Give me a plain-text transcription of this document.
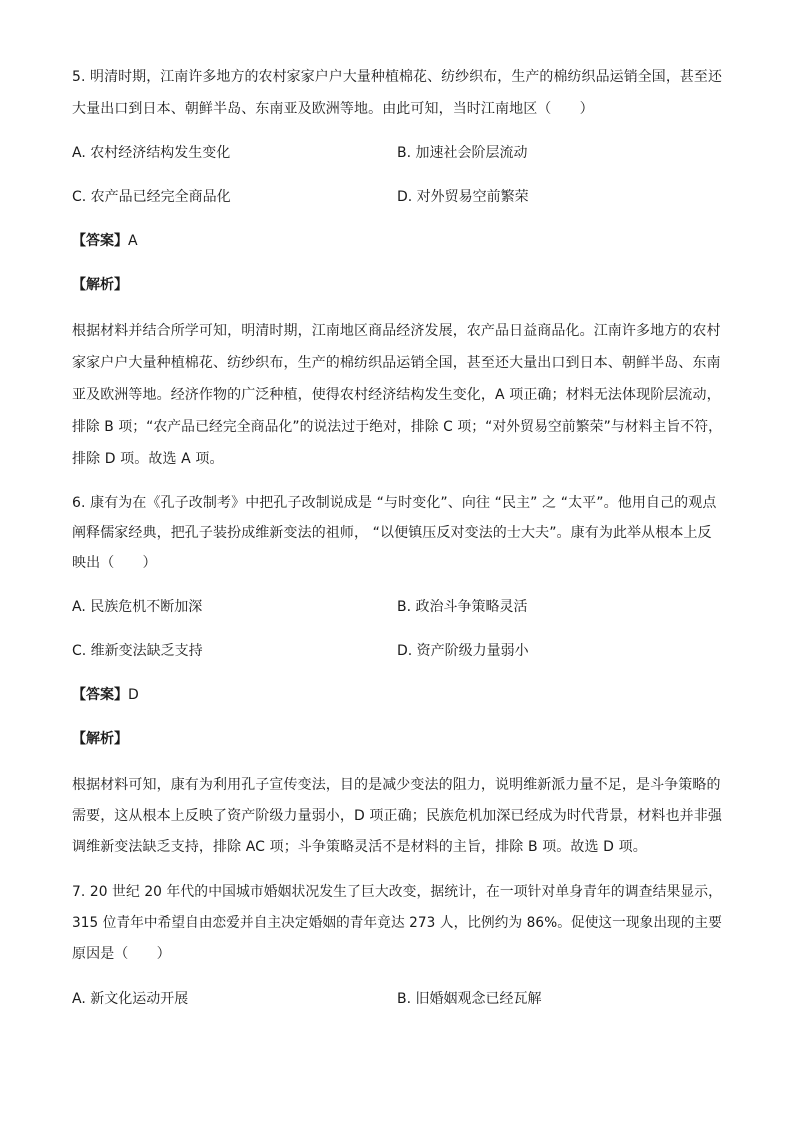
5. 明清时期，江南许多地方的农村家家户户大量种植棉花、纺纱织布，生产的棉纺织品运销全国，甚至还
大量出口到日本、朝鲜半岛、东南亚及欧洲等地。由此可知，当时江南地区（　　）
A. 农村经济结构发生变化	B. 加速社会阶层流动
C. 农产品已经完全商品化	D. 对外贸易空前繁荣
【答案】A
【解析】
根据材料并结合所学可知，明清时期，江南地区商品经济发展，农产品日益商品化。江南许多地方的农村
家家户户大量种植棉花、纺纱织布，生产的棉纺织品运销全国，甚至还大量出口到日本、朝鲜半岛、东南
亚及欧洲等地。经济作物的广泛种植，使得农村经济结构发生变化，A 项正确；材料无法体现阶层流动，
排除 B 项；“农产品已经完全商品化”的说法过于绝对，排除 C 项；“对外贸易空前繁荣”与材料主旨不符，
排除 D 项。故选 A 项。
6. 康有为在《孔子改制考》中把孔子改制说成是 “与时变化”、向往 “民主” 之 “太平”。他用自己的观点
阐释儒家经典，把孔子装扮成维新变法的祖师， “以便镇压反对变法的士大夫”。康有为此举从根本上反
映出（　　）
A. 民族危机不断加深	B. 政治斗争策略灵活
C. 维新变法缺乏支持	D. 资产阶级力量弱小
【答案】D
【解析】
根据材料可知，康有为利用孔子宣传变法，目的是减少变法的阻力，说明维新派力量不足，是斗争策略的
需要，这从根本上反映了资产阶级力量弱小，D 项正确；民族危机加深已经成为时代背景，材料也并非强
调维新变法缺乏支持，排除 AC 项；斗争策略灵活不是材料的主旨，排除 B 项。故选 D 项。
7. 20 世纪 20 年代的中国城市婚姻状况发生了巨大改变，据统计，在一项针对单身青年的调查结果显示，
315 位青年中希望自由恋爱并自主决定婚姻的青年竟达 273 人，比例约为 86%。促使这一现象出现的主要
原因是（　　）
A. 新文化运动开展	B. 旧婚姻观念已经瓦解
